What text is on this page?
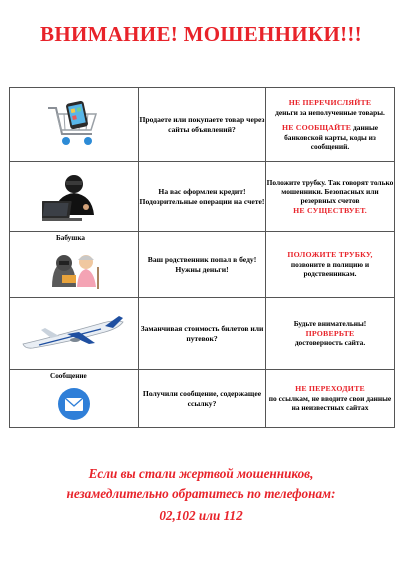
ВНИМАНИЕ! МОШЕННИКИ!!!
	Продаете или покупаете товар через сайты объявлений?	НЕ ПЕРЕЧИСЛЯЙТЕ
деньги за неполученные товары.
НЕ СООБЩАЙТЕ данные банковской карты, коды из сообщений.

	На вас оформлен кредит! Подозрительные операции на счете!	Положите трубку. Так говорят только мошенники. Безопасных или резервных счетов
НЕ СУЩЕСТВУЕТ.

Бабушка	Ваш родственник попал в беду! Нужны деньги!	ПОЛОЖИТЕ ТРУБКУ,
позвоните в полицию и родственникам.

	Заманчивая стоимость билетов или путевок?	Будьте внимательны!
ПРОВЕРЬТЕ
достоверность сайта.

Сообщение	Получили сообщение, содержащее ссылку?	НЕ ПЕРЕХОДИТЕ
по ссылкам, не вводите свои данные на неизвестных сайтах
Если вы стали жертвой мошенников,
незамедлительно обратитесь по телефонам:
02,102 или 112
